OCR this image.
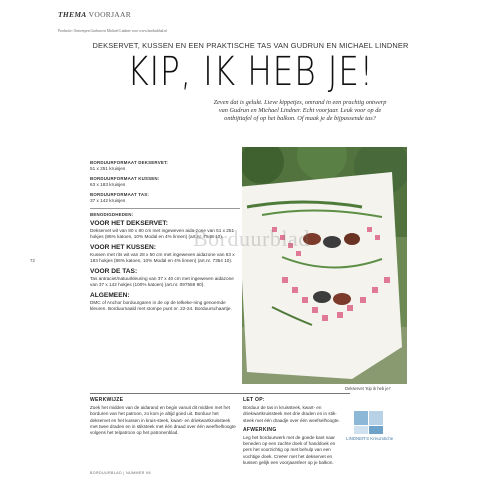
THEMA VOORJAAR
Productie: Ontwerpen Gudrun en Michael Lindner voor www.bordurblad.nl
DEKSERVET, KUSSEN EN EEN PRAKTISCHE TAS VAN GUDRUN EN MICHAEL LINDNER
KIP, IK HEB JE!
Zeven dat is gelukt. Lieve kippetjes, omrand in een prachtig ontwerp
van Gudrun en Michael Lindner. Echt voorjaar. Leuk voor op de
ontbijttafel of op het balkon. Of maak je de bijpassende tas?
72

BORDUURFORMAAT DEKSERVET:

51 x 251 kruisjes

BORDUURFORMAAT KUSSEN:

63 x 183 kruisjes

BORDUURFORMAAT TAS:

37 x 142 kruisjes

BENODIGDHEDEN:

VOOR HET DEKSERVET:

Dekservet wit van 80 x 80 cm met ingeweven aida-zone van 51 x 251 hokjes (86% katoen, 10% Modal en 4% linnen) (art.nr. 7548 10).

VOOR HET KUSSEN:

Kussen met rits wit van 28 x 50 cm met ingeweven aidazone van 63 x 183 hokjes (86% katoen, 10% Modal en 4% linnen) (art.nr. 7354 10).

VOOR DE TAS:

Tas antraciet/natuurkleuring van 37 x 40 cm met ingeweven aidazone van 37 x 142 hokjes (100% katoen) (art.nr. 097559 90).

ALGEMEEN:

DMC of Anchor borduurgaren in de op de telkeke-ning genoemde kleuren. Borduurnaald met stompe punt nr. 22-24. Borduurschaartje.

Borduurblad
Dekservet 'Kip ik heb je!'

WERKWIJZE

Zoek het midden van de aidarand en begin vanuit dit midden met het borduren van het patroon, zo kom je altijd goed uit. Borduur het dekservet en het kussen in kruis-steek, kwart- en driekwartkruissteek met twee draden en in stiksteek met één draad over één weefhelhoogte volgens het telpatroon op het patronenblad.

LET OP:

Borduur de tas in kruissteek, kwart- en driekwartkruissteek met drie draden en in stik-steek met één draadje over één weefselhoogte.

AFWERKING

Leg het borduurwerk met de goede kant naar beneden op een zachte doek of handdoek en pers het voorzichtig op met behulp van een vochtige doek. Creëer met het dekservet en kussen gelijk een voorjaarsfeer op je balkon.

LINDNER'S Kreuzstiche
BORDUURBLAD | NUMMER 98
